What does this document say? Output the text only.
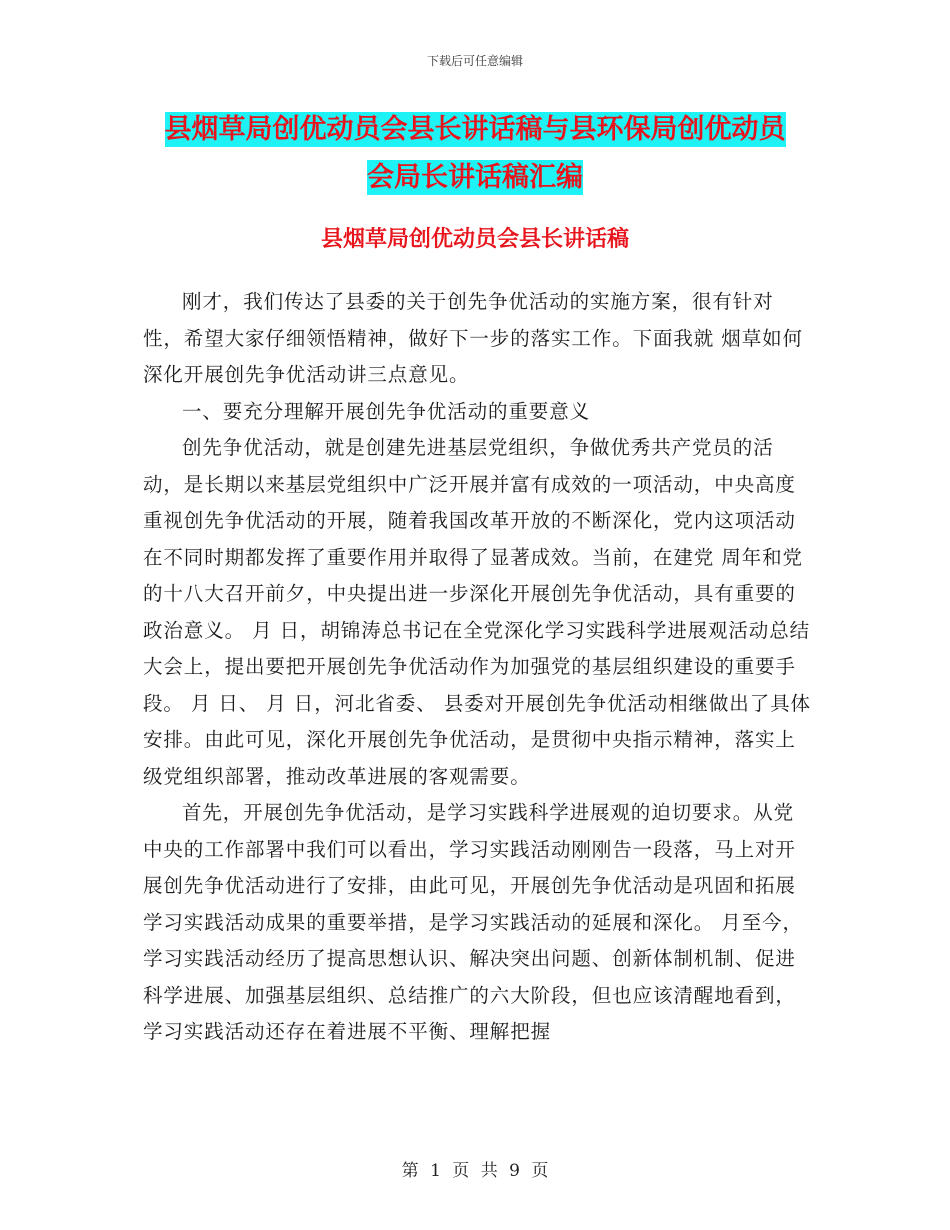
下载后可任意编辑
县烟草局创优动员会县长讲话稿与县环保局创优动员
会局长讲话稿汇编
县烟草局创优动员会县长讲话稿

刚才，我们传达了县委的关于创先争优活动的实施方案，很有针对性，希望大家仔细领悟精神，做好下一步的落实工作。下面我就 烟草如何深化开展创先争优活动讲三点意见。

一、要充分理解开展创先争优活动的重要意义

创先争优活动，就是创建先进基层党组织，争做优秀共产党员的活动，是长期以来基层党组织中广泛开展并富有成效的一项活动，中央高度重视创先争优活动的开展，随着我国改革开放的不断深化，党内这项活动在不同时期都发挥了重要作用并取得了显著成效。当前，在建党 周年和党的十八大召开前夕，中央提出进一步深化开展创先争优活动，具有重要的政治意义。 月 日，胡锦涛总书记在全党深化学习实践科学进展观活动总结大会上，提出要把开展创先争优活动作为加强党的基层组织建设的重要手段。 月 日、 月 日，河北省委、 县委对开展创先争优活动相继做出了具体安排。由此可见，深化开展创先争优活动，是贯彻中央指示精神，落实上级党组织部署，推动改革进展的客观需要。

首先，开展创先争优活动，是学习实践科学进展观的迫切要求。从党中央的工作部署中我们可以看出，学习实践活动刚刚告一段落，马上对开展创先争优活动进行了安排，由此可见，开展创先争优活动是巩固和拓展学习实践活动成果的重要举措，是学习实践活动的延展和深化。 月至今，学习实践活动经历了提高思想认识、解决突出问题、创新体制机制、促进科学进展、加强基层组织、总结推广的六大阶段，但也应该清醒地看到，学习实践活动还存在着进展不平衡、理解把握

第 1 页 共 9 页
